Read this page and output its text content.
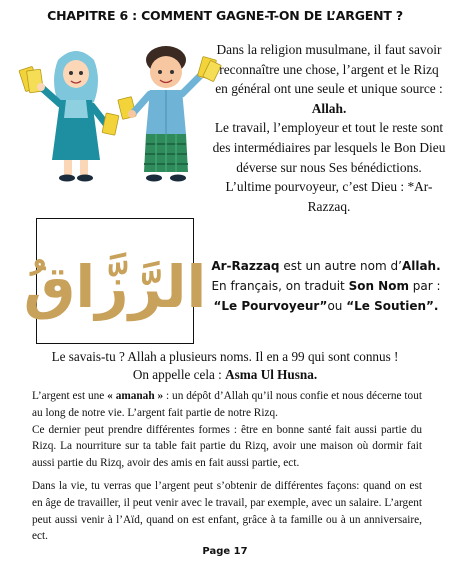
CHAPITRE 6 : COMMENT GAGNE-T-ON DE L’ARGENT ?

Dans la religion musulmane, il faut savoir reconnaître une chose, l’argent et le Rizq en général ont une seule et unique source : Allah.

Le travail, l’employeur et tout le reste sont des intermédiaires par lesquels le Bon Dieu déverse sur nous Ses bénédictions.

L’ultime pourvoyeur, c’est Dieu : *Ar-Razzaq.

الرَّزَّاقُ Ar-Razzaq est un autre nom d’Allah. En français, on traduit Son Nom par : “Le Pourvoyeur”ou “Le Soutien”.
Le savais-tu ? Allah a plusieurs noms. Il en a 99 qui sont connus !
On appelle cela : Asma Ul Husna.

L’argent est une « amanah » : un dépôt d’Allah qu’il nous confie et nous décerne tout au long de notre vie. L’argent fait partie de notre Rizq.

Ce dernier peut prendre différentes formes : être en bonne santé fait aussi partie du Rizq. La nourriture sur ta table fait partie du Rizq, avoir une maison où dormir fait aussi partie du Rizq, avoir des amis en fait aussi partie, ect.

Dans la vie, tu verras que l’argent peut s’obtenir de différentes façons: quand on est en âge de travailler, il peut venir avec le travail, par exemple, avec un salaire. L’argent peut aussi venir à l’Aïd, quand on est enfant, grâce à ta famille ou à un anniversaire, ect.

Page 17
